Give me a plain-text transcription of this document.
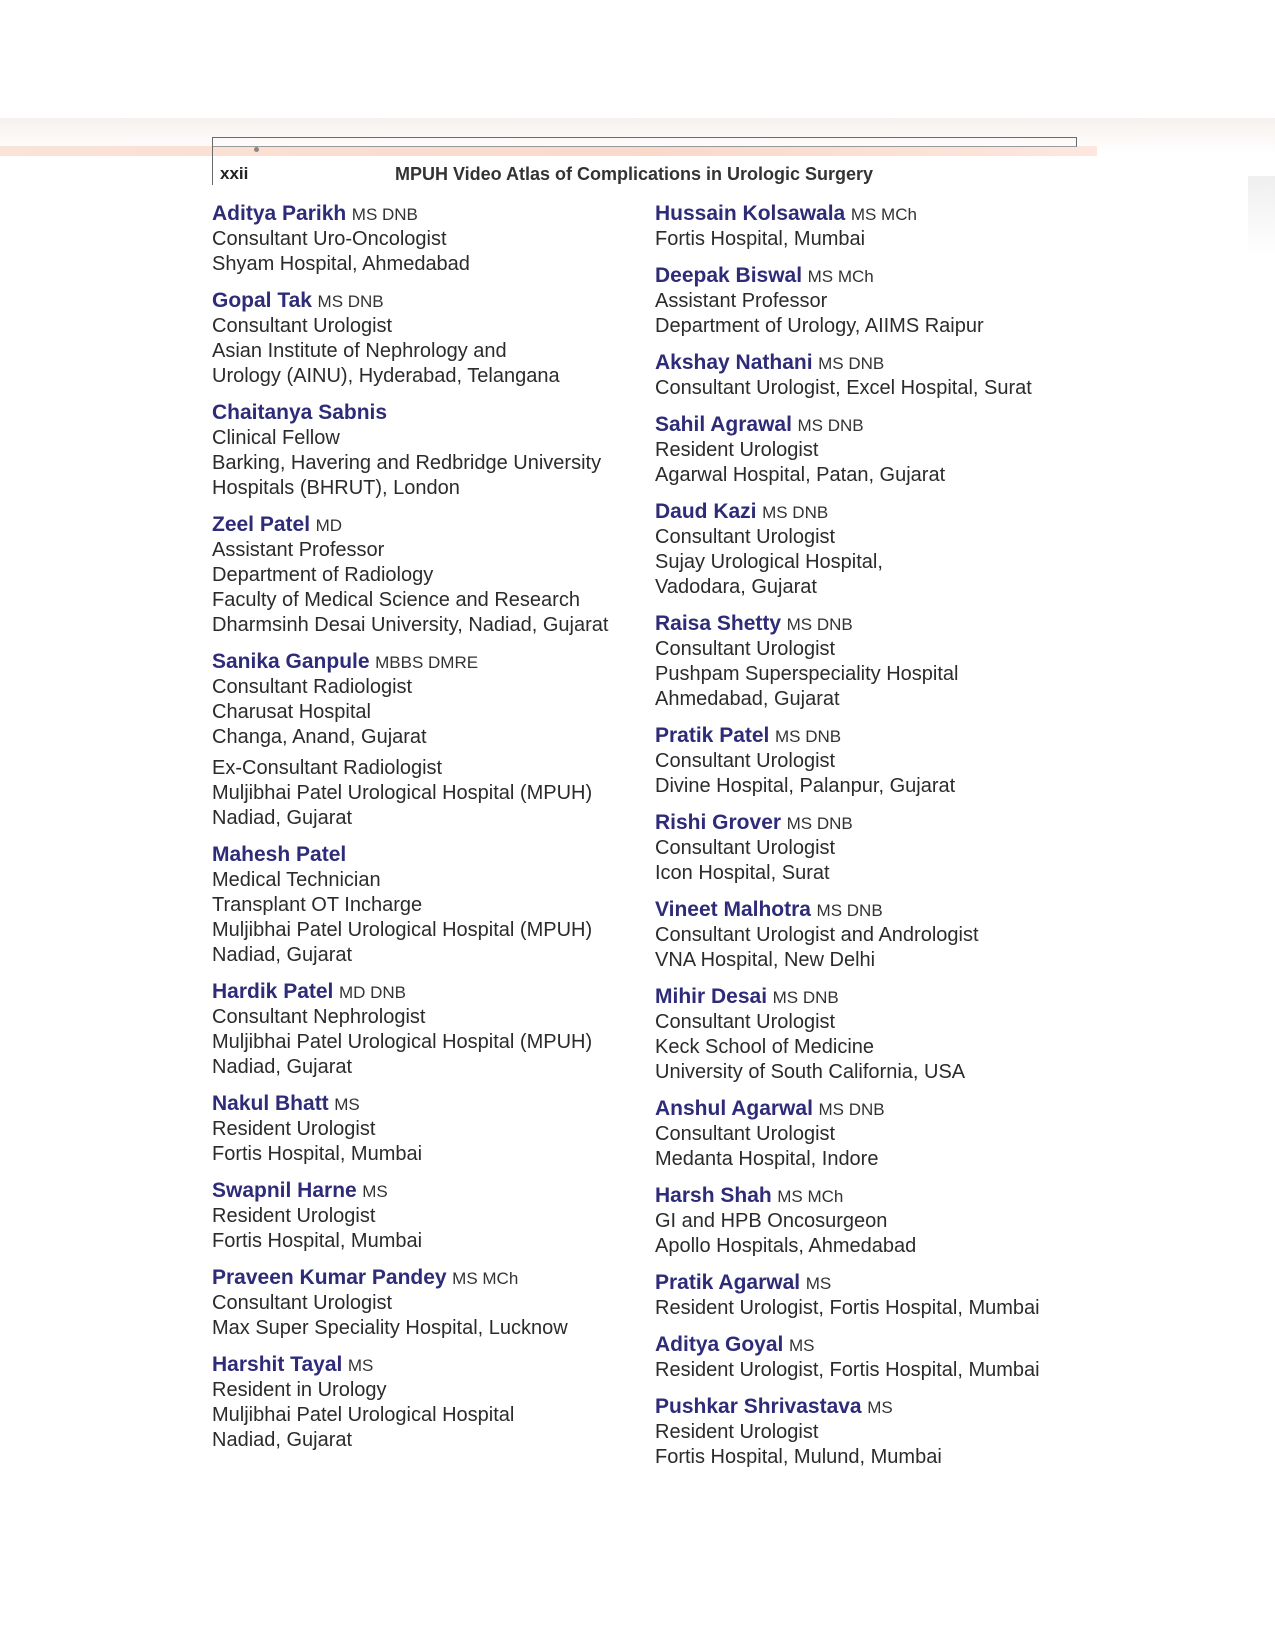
xxii	MPUH Video Atlas of Complications in Urologic Surgery
Aditya Parikh MS DNB
Consultant Uro-Oncologist
Shyam Hospital, Ahmedabad
Gopal Tak MS DNB
Consultant Urologist
Asian Institute of Nephrology and
Urology (AINU), Hyderabad, Telangana
Chaitanya Sabnis
Clinical Fellow
Barking, Havering and Redbridge University
Hospitals (BHRUT), London
Zeel Patel MD
Assistant Professor
Department of Radiology
Faculty of Medical Science and Research
Dharmsinh Desai University, Nadiad, Gujarat
Sanika Ganpule MBBS DMRE
Consultant Radiologist
Charusat Hospital
Changa, Anand, Gujarat
Ex-Consultant Radiologist
Muljibhai Patel Urological Hospital (MPUH)
Nadiad, Gujarat
Mahesh Patel
Medical Technician
Transplant OT Incharge
Muljibhai Patel Urological Hospital (MPUH)
Nadiad, Gujarat
Hardik Patel MD DNB
Consultant Nephrologist
Muljibhai Patel Urological Hospital (MPUH)
Nadiad, Gujarat
Nakul Bhatt MS
Resident Urologist
Fortis Hospital, Mumbai
Swapnil Harne MS
Resident Urologist
Fortis Hospital, Mumbai
Praveen Kumar Pandey MS MCh
Consultant Urologist
Max Super Speciality Hospital, Lucknow
Harshit Tayal MS
Resident in Urology
Muljibhai Patel Urological Hospital
Nadiad, Gujarat
Hussain Kolsawala MS MCh
Fortis Hospital, Mumbai
Deepak Biswal MS MCh
Assistant Professor
Department of Urology, AIIMS Raipur
Akshay Nathani MS DNB
Consultant Urologist, Excel Hospital, Surat
Sahil Agrawal MS DNB
Resident Urologist
Agarwal Hospital, Patan, Gujarat
Daud Kazi MS DNB
Consultant Urologist
Sujay Urological Hospital,
Vadodara, Gujarat
Raisa Shetty MS DNB
Consultant Urologist
Pushpam Superspeciality Hospital
Ahmedabad, Gujarat
Pratik Patel MS DNB
Consultant Urologist
Divine Hospital, Palanpur, Gujarat
Rishi Grover MS DNB
Consultant Urologist
Icon Hospital, Surat
Vineet Malhotra MS DNB
Consultant Urologist and Andrologist
VNA Hospital, New Delhi
Mihir Desai MS DNB
Consultant Urologist
Keck School of Medicine
University of South California, USA
Anshul Agarwal MS DNB
Consultant Urologist
Medanta Hospital, Indore
Harsh Shah MS MCh
GI and HPB Oncosurgeon
Apollo Hospitals, Ahmedabad
Pratik Agarwal MS
Resident Urologist, Fortis Hospital, Mumbai
Aditya Goyal MS
Resident Urologist, Fortis Hospital, Mumbai
Pushkar Shrivastava MS
Resident Urologist
Fortis Hospital, Mulund, Mumbai
